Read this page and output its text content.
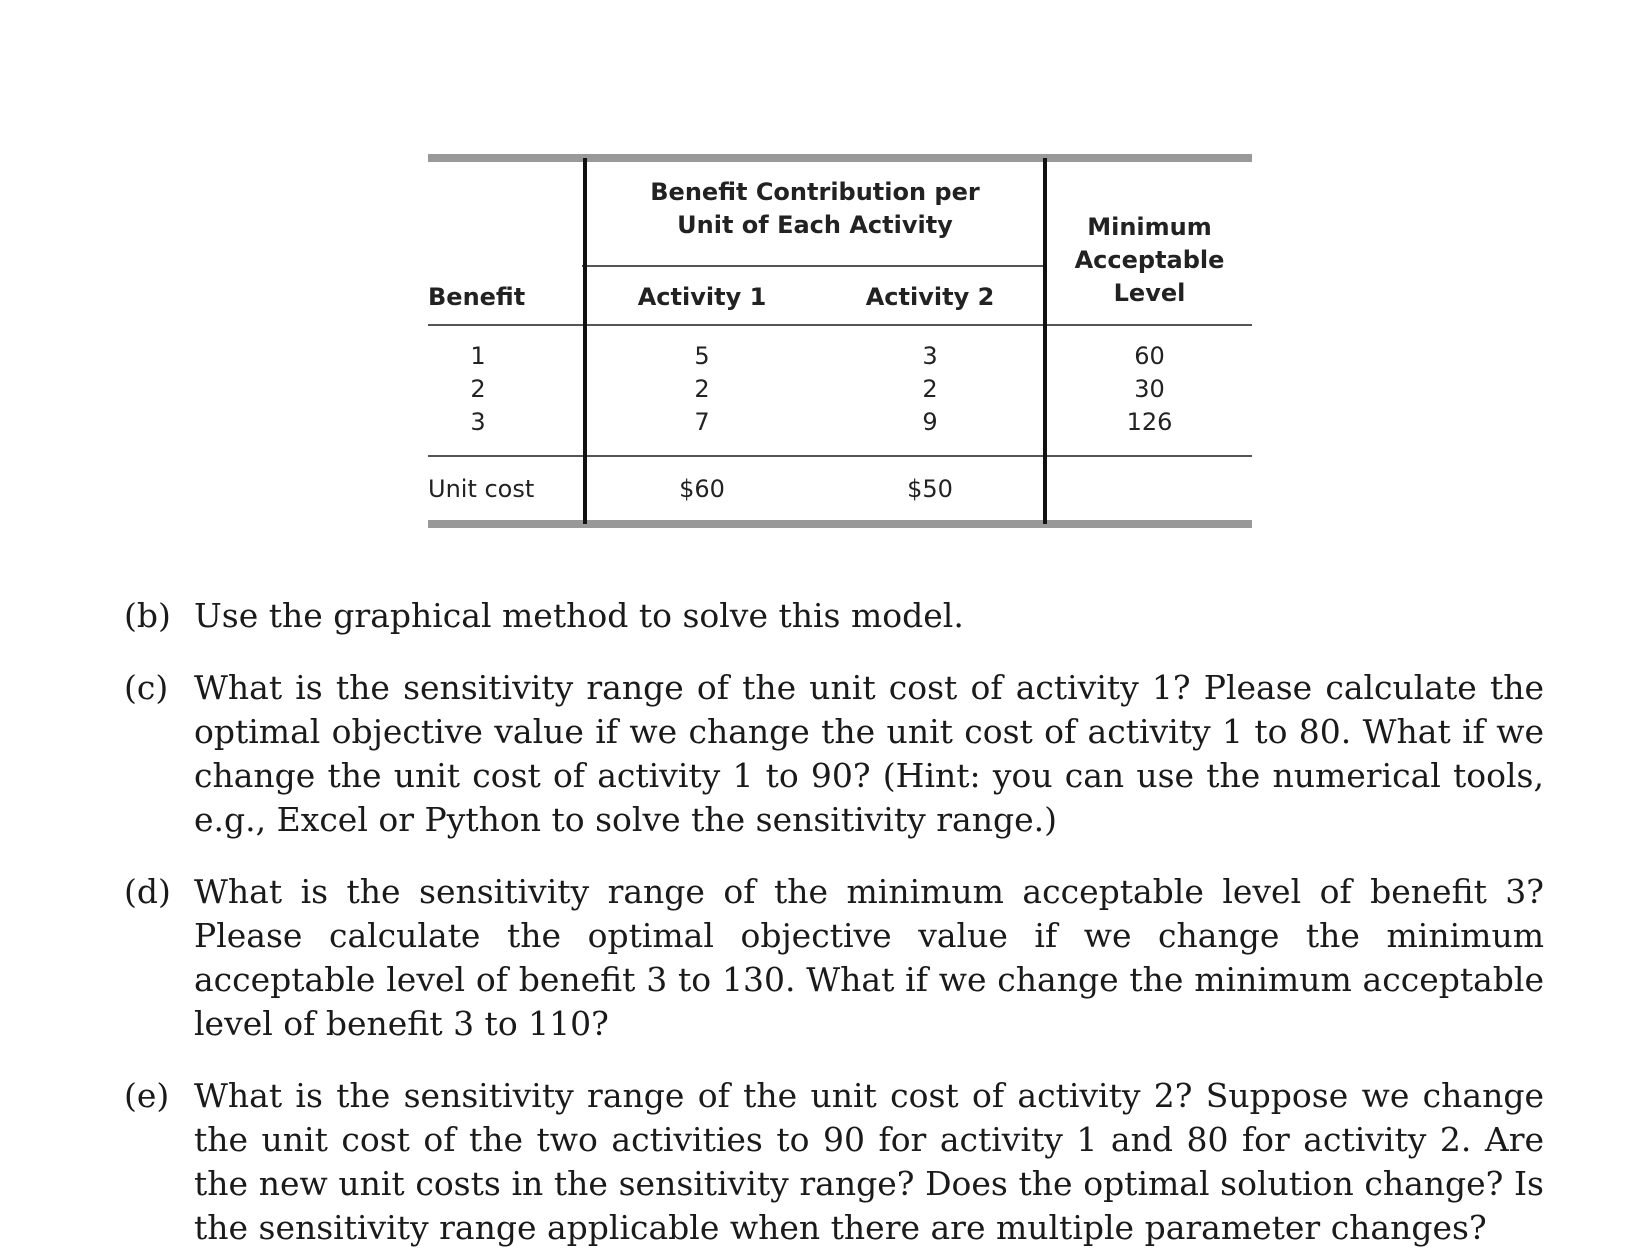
Benefit Contribution per
Unit of Each Activity
Benefit	Activity 1	Activity 2
Minimum
Acceptable
Level
1	5	3	60
2	2	2	30
3	7	9	126
Unit cost	$60	$50
(b) Use the graphical method to solve this model.
(c) What is the sensitivity range of the unit cost of activity 1? Please calculate the optimal objective value if we change the unit cost of activity 1 to 80. What if we change the unit cost of activity 1 to 90? (Hint: you can use the numerical tools, e.g., Excel or Python to solve the sensitivity range.)
(d) What is the sensitivity range of the minimum acceptable level of benefit 3? Please calculate the optimal objective value if we change the minimum acceptable level of benefit 3 to 130. What if we change the minimum acceptable level of benefit 3 to 110?
(e) What is the sensitivity range of the unit cost of activity 2? Suppose we change the unit cost of the two activities to 90 for activity 1 and 80 for activity 2. Are the new unit costs in the sensitivity range? Does the optimal solution change? Is the sensitivity range applicable when there are multiple parameter changes?
